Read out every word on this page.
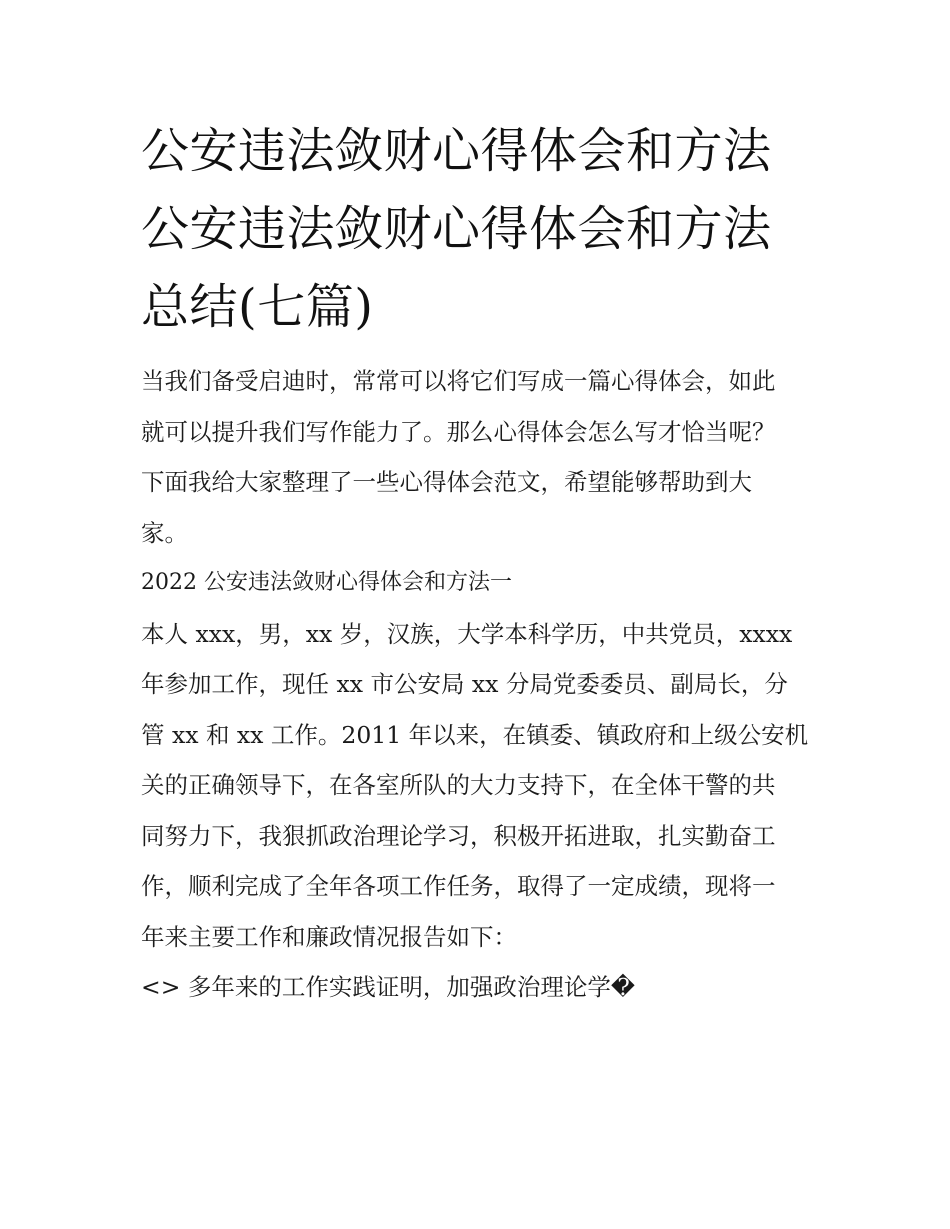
公安违法敛财心得体会和方法
公安违法敛财心得体会和方法
总结(七篇)
当我们备受启迪时，常常可以将它们写成一篇心得体会，如此
就可以提升我们写作能力了。那么心得体会怎么写才恰当呢？
下面我给大家整理了一些心得体会范文，希望能够帮助到大
家。
2022 公安违法敛财心得体会和方法一
本人 xxx，男，xx 岁，汉族，大学本科学历，中共党员，xxxx
年参加工作，现任 xx 市公安局 xx 分局党委委员、副局长，分
管 xx 和 xx 工作。2011 年以来，在镇委、镇政府和上级公安机
关的正确领导下，在各室所队的大力支持下，在全体干警的共
同努力下，我狠抓政治理论学习，积极开拓进取，扎实勤奋工
作，顺利完成了全年各项工作任务，取得了一定成绩，现将一
年来主要工作和廉政情况报告如下：
<> 多年来的工作实践证明，加强政治理论学�
